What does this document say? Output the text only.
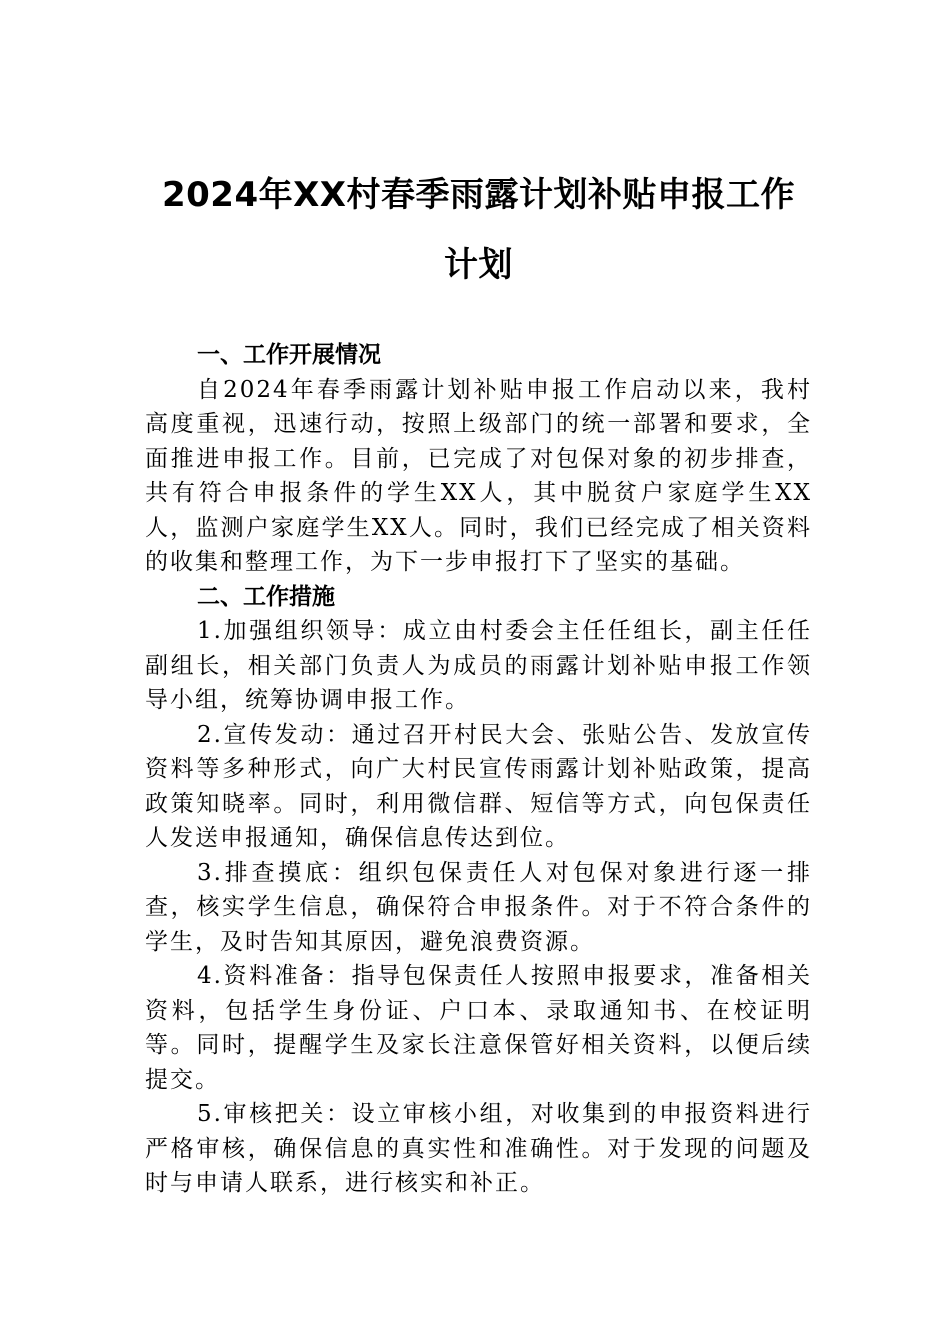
2024年XX村春季雨露计划补贴申报工作
计划

一、工作开展情况

自2024年春季雨露计划补贴申报工作启动以来，我村高度重视，迅速行动，按照上级部门的统一部署和要求，全面推进申报工作。目前，已完成了对包保对象的初步排查，共有符合申报条件的学生XX人，其中脱贫户家庭学生XX人，监测户家庭学生XX人。同时，我们已经完成了相关资料的收集和整理工作，为下一步申报打下了坚实的基础。

二、工作措施

1.加强组织领导：成立由村委会主任任组长，副主任任副组长，相关部门负责人为成员的雨露计划补贴申报工作领导小组，统筹协调申报工作。

2.宣传发动：通过召开村民大会、张贴公告、发放宣传资料等多种形式，向广大村民宣传雨露计划补贴政策，提高政策知晓率。同时，利用微信群、短信等方式，向包保责任人发送申报通知，确保信息传达到位。

3.排查摸底：组织包保责任人对包保对象进行逐一排查，核实学生信息，确保符合申报条件。对于不符合条件的学生，及时告知其原因，避免浪费资源。

4.资料准备：指导包保责任人按照申报要求，准备相关资料，包括学生身份证、户口本、录取通知书、在校证明等。同时，提醒学生及家长注意保管好相关资料，以便后续提交。

5.审核把关：设立审核小组，对收集到的申报资料进行严格审核，确保信息的真实性和准确性。对于发现的问题及时与申请人联系，进行核实和补正。
